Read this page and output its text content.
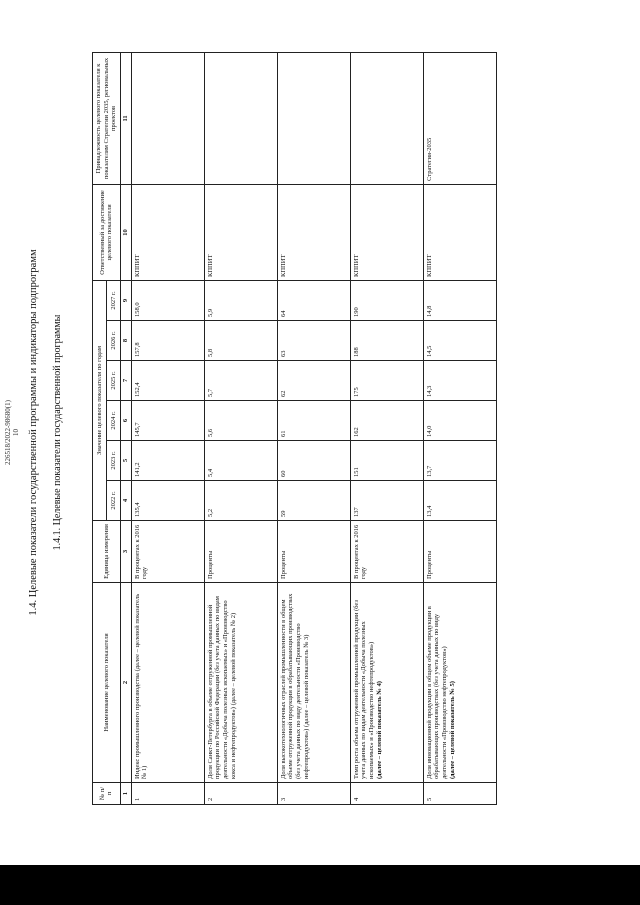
226518/2022-98680(1) 10 1.4. Целевые показатели государственной программы и индикаторы подпрограмм 1.4.1. Целевые показатели государственной программы
№ п/п	Наименование целевого показателя	Единица измерения	Значение целевого показателя по годам						Ответственный за достижение целевого показателя	Принадлежность целевого показателя к показателям Стратегии 2035, региональных проектов
			2022 г.	2023 г.	2024 г.	2025 г.	2026 г.	2027 г.		
1	2	3	4	5	6	7	8	9	10	11
1	Индекс промышленного производства (далее – целевой показатель № 1)	В процентах к 2016 году	135,4	141,2	145,7	152,4	157,8	158,0	КППИТ	
2	Доля Санкт-Петербурга в объеме отгруженной промышленной продукции по Российской Федерации (без учета данных по видам деятельности «Добыча полезных ископаемых» и «Производство кокса и нефтепродуктов») (далее – целевой показатель № 2)	Проценты	5,2	5,4	5,6	5,7	5,8	5,9	КППИТ	
3	Доля высокотехнологичных отраслей промышленности в общем объеме отгруженной продукции в обрабатывающих производствах (без учета данных по виду деятельности «Производство нефтепродуктов») (далее – целевой показатель № 3)	Проценты	59	60	61	62	63	64	КППИТ	
4	Темп роста объема отгруженной промышленной продукции (без учета данных по видам деятельности «Добыча полезных ископаемых» и «Производство нефтепродуктов»)
(далее – целевой показатель № 4)	В процентах к 2016 году	137	151	162	175	188	190	КППИТ	
5	Доля инновационной продукции в общем объеме продукции в обрабатывающих производствах (без учета данных по виду деятельности «Производство нефтепродуктов»)
(далее – целевой показатель № 5)	Проценты	13,4	13,7	14,0	14,3	14,5	14,8	КППИТ	Стратегия-2035
